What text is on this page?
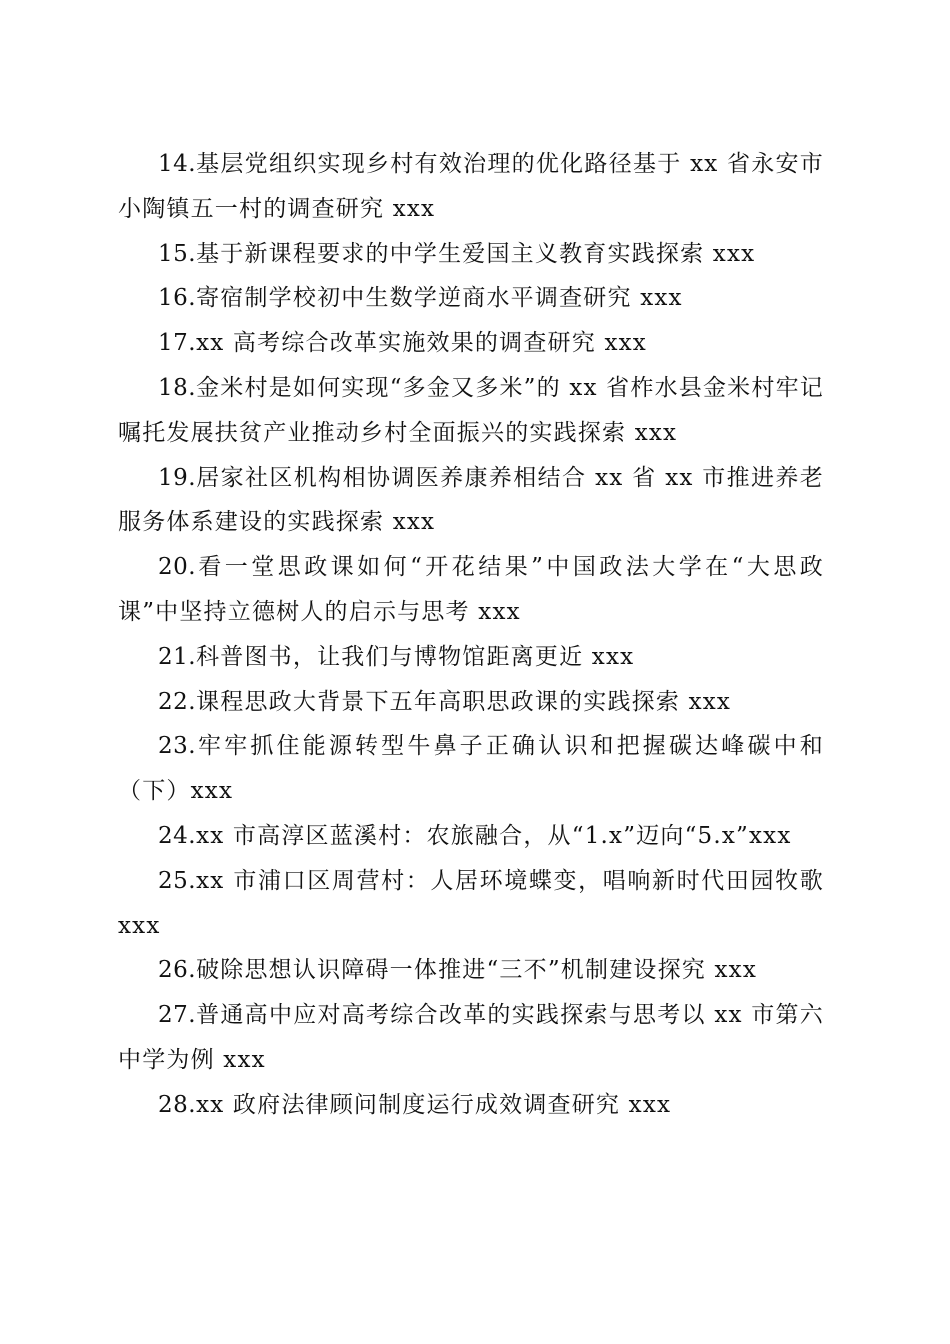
14.基层党组织实现乡村有效治理的优化路径基于 xx 省永安市小陶镇五一村的调查研究 xxx

15.基于新课程要求的中学生爱国主义教育实践探索 xxx

16.寄宿制学校初中生数学逆商水平调查研究 xxx

17.xx 高考综合改革实施效果的调查研究 xxx

18.金米村是如何实现“多金又多米”的 xx 省柞水县金米村牢记嘱托发展扶贫产业推动乡村全面振兴的实践探索 xxx

19.居家社区机构相协调医养康养相结合 xx 省 xx 市推进养老服务体系建设的实践探索 xxx

20.看一堂思政课如何“开花结果”中国政法大学在“大思政课”中坚持立德树人的启示与思考 xxx

21.科普图书，让我们与博物馆距离更近 xxx

22.课程思政大背景下五年高职思政课的实践探索 xxx

23.牢牢抓住能源转型牛鼻子正确认识和把握碳达峰碳中和（下）xxx

24.xx 市高淳区蓝溪村：农旅融合，从“1.x”迈向“5.x”xxx

25.xx 市浦口区周营村：人居环境蝶变，唱响新时代田园牧歌 xxx

26.破除思想认识障碍一体推进“三不”机制建设探究 xxx

27.普通高中应对高考综合改革的实践探索与思考以 xx 市第六中学为例 xxx

28.xx 政府法律顾问制度运行成效调查研究 xxx
